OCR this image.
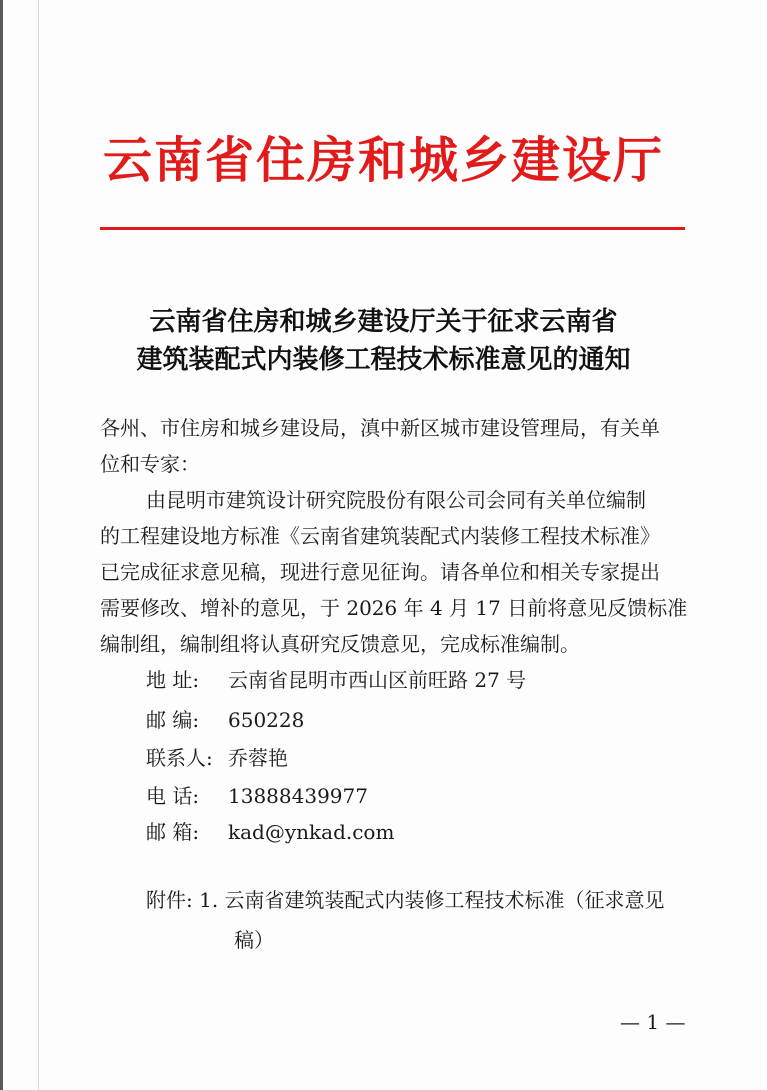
云南省住房和城乡建设厅
云南省住房和城乡建设厅关于征求云南省
建筑装配式内装修工程技术标准意见的通知
各州、市住房和城乡建设局，滇中新区城市建设管理局，有关单
位和专家：
由昆明市建筑设计研究院股份有限公司会同有关单位编制
的工程建设地方标准《云南省建筑装配式内装修工程技术标准》
已完成征求意见稿，现进行意见征询。请各单位和相关专家提出
需要修改、增补的意见，于 2026 年 4 月 17 日前将意见反馈标准
编制组，编制组将认真研究反馈意见，完成标准编制。
地 址: 云南省昆明市西山区前旺路 27 号
邮 编: 650228
联系人: 乔蓉艳
电 话: 13888439977
邮 箱: kad@ynkad.com
附件: 1. 云南省建筑装配式内装修工程技术标准（征求意见
稿）
— 1 —
